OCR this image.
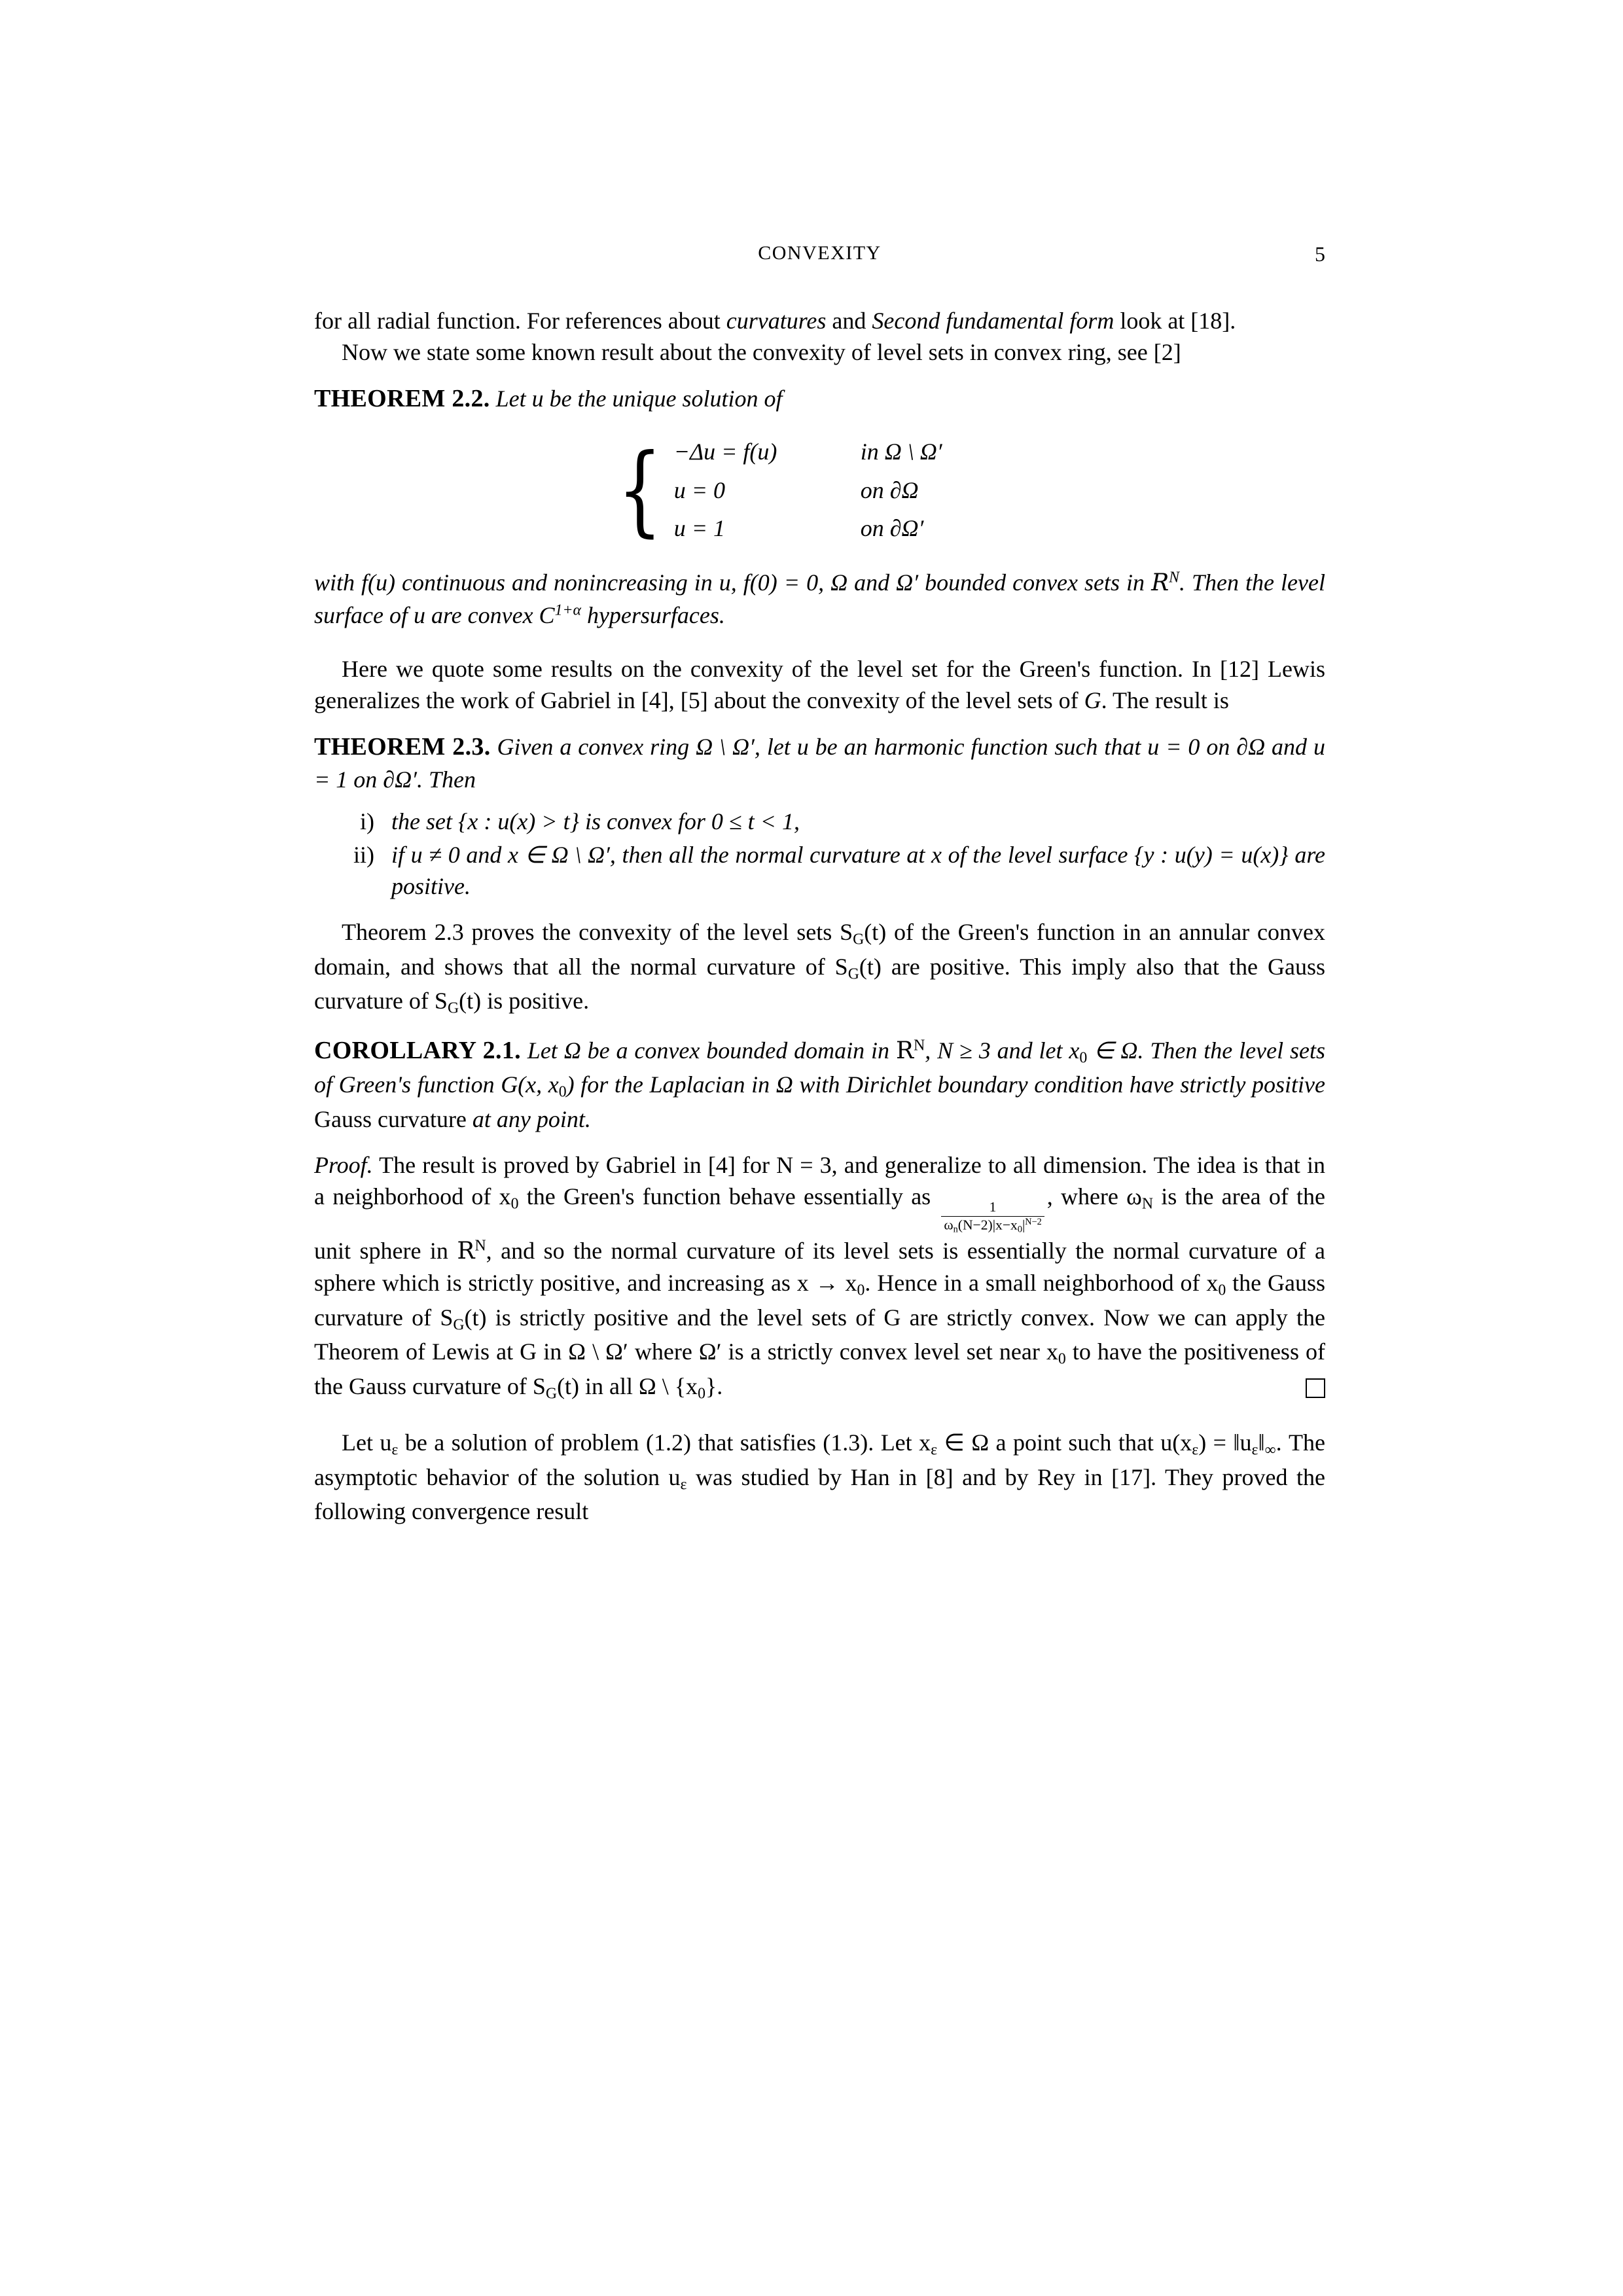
CONVEXITY	5

for all radial function. For references about curvatures and Second fundamental form look at [18].

Now we state some known result about the convexity of level sets in convex ring, see [2]

THEOREM 2.2. Let u be the unique solution of

{ −Δu = f(u)	in Ω \ Ω′
u = 0	on ∂Ω
u = 1	on ∂Ω′

with f(u) continuous and nonincreasing in u, f(0) = 0, Ω and Ω′ bounded convex sets in $R^N$. Then the level surface of u are convex $C^{1+\alpha}$ hypersurfaces.

Here we quote some results on the convexity of the level set for the Green's function. In [12] Lewis generalizes the work of Gabriel in [4], [5] about the convexity of the level sets of G. The result is

THEOREM 2.3. Given a convex ring Ω \ Ω′, let u be an harmonic function such that u = 0 on ∂Ω and u = 1 on ∂Ω′. Then

i) the set {x : u(x) > t} is convex for 0 ≤ t < 1,
ii) if u ≠ 0 and x ∈ Ω \ Ω′, then all the normal curvature at x of the level surface {y : u(y) = u(x)} are positive.

Theorem 2.3 proves the convexity of the level sets $S_G(t)$ of the Green's function in an annular convex domain, and shows that all the normal curvature of $S_G(t)$ are positive. This imply also that the Gauss curvature of $S_G(t)$ is positive.

COROLLARY 2.1. Let Ω be a convex bounded domain in $R^N$, N ≥ 3 and let $x_0$ ∈ Ω. Then the level sets of Green's function G(x, $x_0$) for the Laplacian in Ω with Dirichlet boundary condition have strictly positive Gauss curvature at any point.

Proof. The result is proved by Gabriel in [4] for N = 3, and generalize to all dimension. The idea is that in a neighborhood of $x_0$ the Green's function behave essentially as
$\frac{1}{\omega_n(N-2)|x-x_0|^{N-2}}$
, where $\omega_N$ is the area of the unit sphere in $R^N$, and so the normal curvature of its level sets is essentially the normal curvature of a sphere which is strictly positive, and increasing as $x \to x_0$. Hence in a small neighborhood of $x_0$ the Gauss curvature of $S_G(t)$ is strictly positive and the level sets of G are strictly convex. Now we can apply the Theorem of Lewis at G in Ω \ Ω′ where Ω′ is a strictly convex level set near $x_0$ to have the positiveness of the Gauss curvature of $S_G(t)$ in all Ω \ $\{x_0\}$.

Let $u_\varepsilon$ be a solution of problem (1.2) that satisfies (1.3). Let $x_\varepsilon$ ∈ Ω a point such that $u(x_\varepsilon)$ = $‖u_\varepsilon‖_\infty$. The asymptotic behavior of the solution $u_\varepsilon$ was studied by Han in [8] and by Rey in [17]. They proved the following convergence result
